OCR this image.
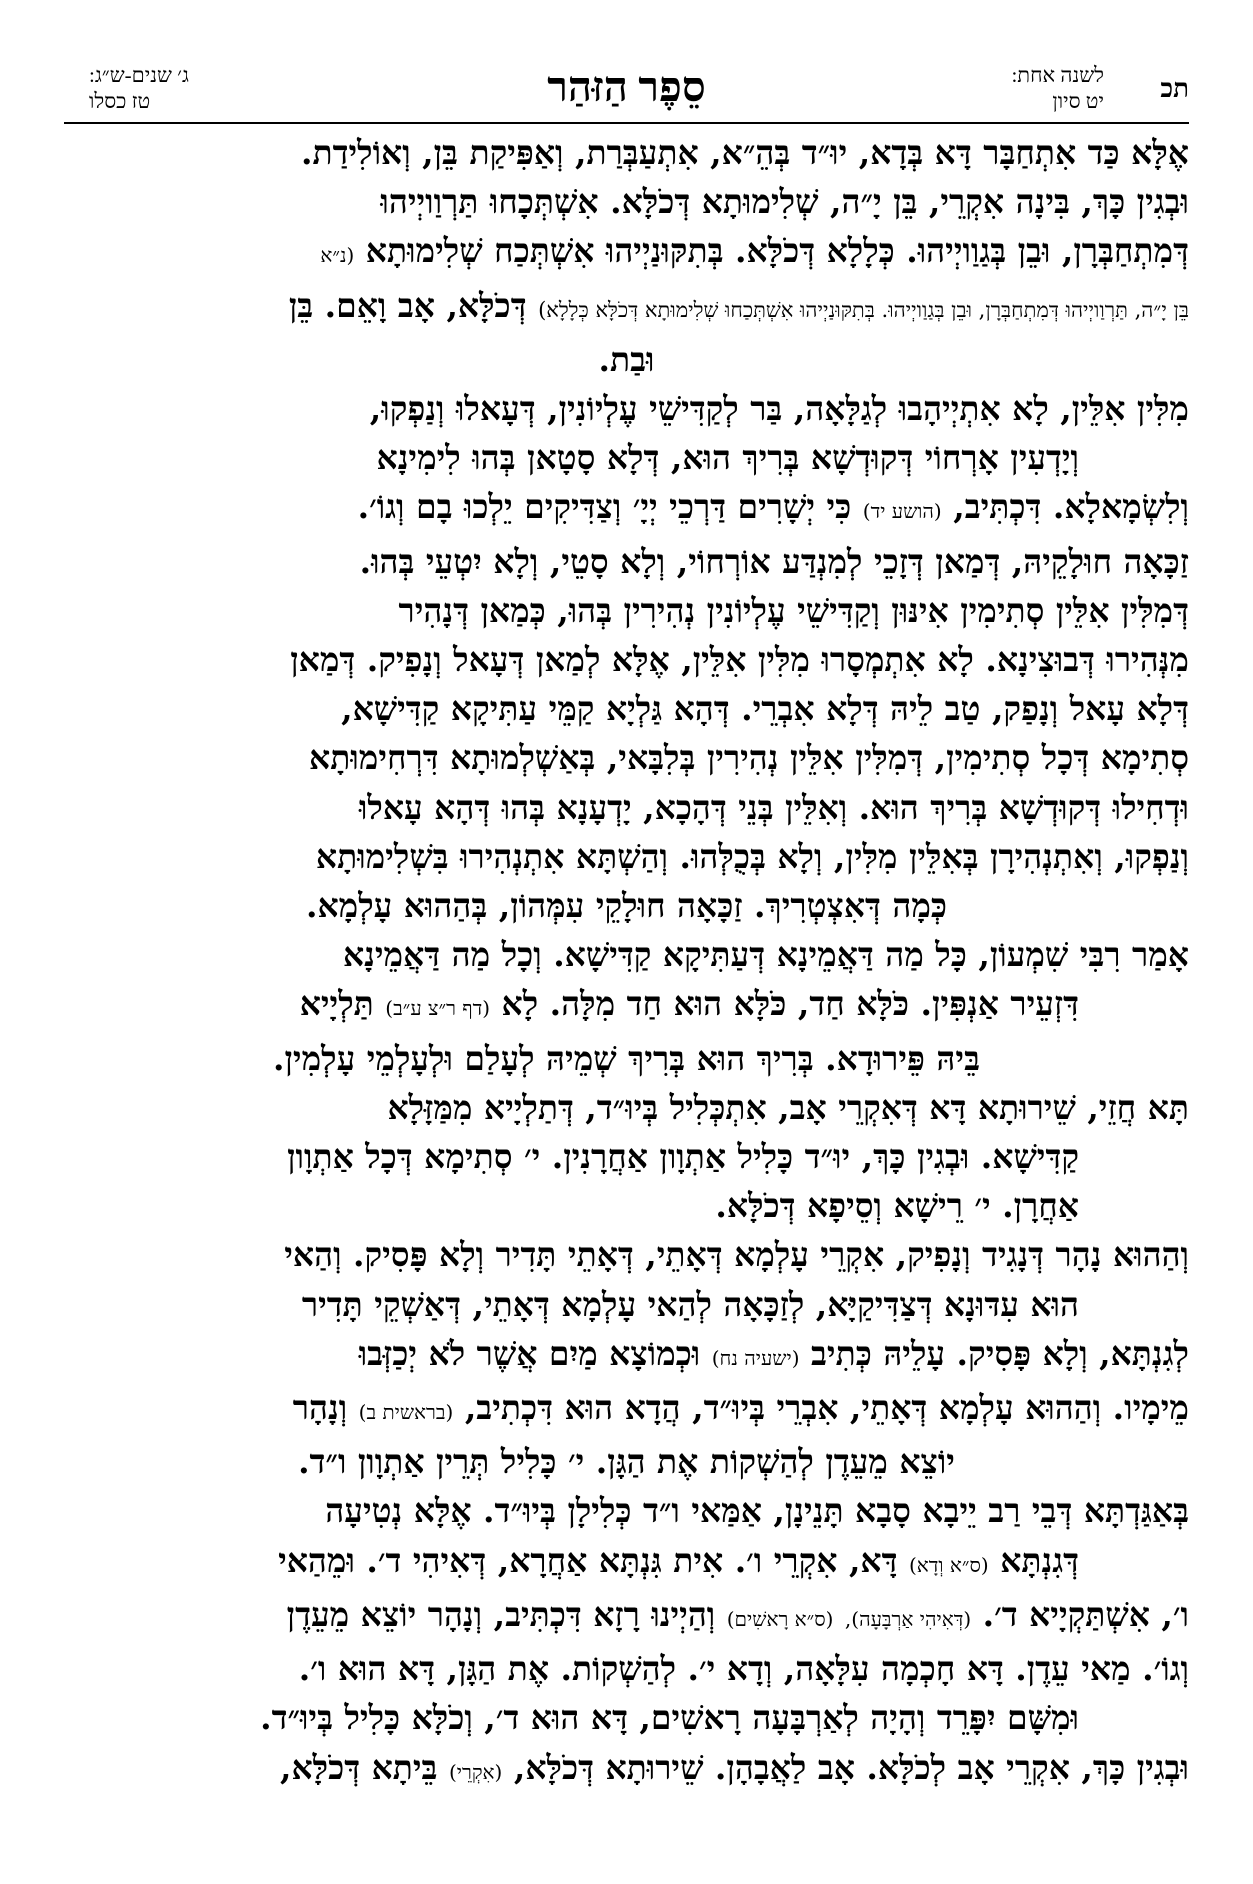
תכ
לשנה אחת:
יט סיון
סֵפֶר הַזּהַר
ג׳ שנים-ש״ג:
טז כסלו

אֶלָּא כַּד אִתְחַבָּר דָּא בְּדָא, יוּ״ד בְּהֵ״א, אִתְעַבְּרַת, וְאַפִּיקַת בֵּן, וְאוֹלִידַת.

וּבְגִין כָּךְ, בִּינָה אִקְרֵי, בֵּן יָ״ה, שְׁלִימוּתָא דְּכֹלָּא. אִשְׁתְּכָחוּ תַּרְוַויְיהוּ

דְּמִתְחַבְּרָן, וּבֵן בְּגַוַויְיהוּ. כְּלָלָא דְּכֹלָּא. בְּתִקּוּנַיְיהוּ אִשְׁתְּכַח שְׁלִימוּתָא (נ״א

בֵּן יָ״ה, תַּרְוַויְיהוּ דְּמִתְחַבְּרָן, וּבֵן בְּגַוַויְיהוּ. בְּתִקּוּנַיְיהוּ אִשְׁתְּכַחוּ שְׁלִימוּתָא דְּכֹלָּא כְּלָלָא) דְּכֹלָּא, אָב וָאֵם. בֵּן

וּבַת.

מִלִּין אִלֵּין, לָא אִתְיְיהָבוּ לְגַלָּאָה, בַּר לְקַדִּישֵׁי עֶלְיוֹנִין, דְּעָאלוּ וְנַפְקוּ,

וְיָדְעִין אָרְחוֹי דְּקוּדְשָׁא בְּרִיךְ הוּא, דְּלָא סָטָאן בְּהוּ לִימִינָא

וְלִשְׂמָאלָא. דִּכְתִּיב, (הושע יד) כִּי יְשָׁרִים דַּרְכֵי יְיָ׳ וְצַדִּיקִים יֵלְכוּ בָם וְגוֹ׳.

זַכָּאָה חוּלָקֵיהּ, דְּמַאן דְּזָכֵי לְמִנְדַּע אוֹרְחוֹי, וְלָא סָטֵי, וְלָא יִטְעֵי בְּהוּ.

דְּמִלִּין אִלֵּין סְתִימִין אִינּוּן וְקַדִּישֵׁי עֶלְיוֹנִין נְהִירִין בְּהוּ, כְּמַאן דְּנָהִיר

מִנְּהִירוּ דְּבוּצִינָא. לָא אִתְמְסָרוּ מִלִּין אִלֵּין, אֶלָּא לְמַאן דְּעָאל וְנָפִיק. דְּמַאן

דְּלָא עָאל וְנָפַק, טַב לֵיהּ דְּלָא אִבְרֵי. דְּהָא גַּלְיָא קַמֵּי עַתִּיקָא קַדִּישָׁא,

סְתִימָא דְּכָל סְתִימִין, דְּמִלִּין אִלֵּין נְהִירִין בְּלִבָּאי, בְּאַשְׁלְמוּתָא דִּרְחִימוּתָא

וּדְחִילוּ דְּקוּדְשָׁא בְּרִיךְ הוּא. וְאִלֵּין בְּנֵי דְּהָכָא, יָדְעָנָא בְּהוּ דְּהָא עָאלוּ

וְנַפְקוּ, וְאִתְנְהִירָן בְּאִלֵּין מִלִּין, וְלָא בְּכֻלְּהוּ. וְהַשְׁתָּא אִתְנְהִירוּ בִּשְׁלִימוּתָא

כְּמָה דְּאִצְטְרִיךְ. זַכָּאָה חוּלָקֵי עִמְּהוֹן, בְּהַהוּא עָלְמָא.

אָמַר רִבִּי שִׁמְעוֹן, כָּל מַה דַּאֲמֵינָא דְּעַתִּיקָא קַדִּישָׁא. וְכָל מַה דַּאֲמֵינָא

דִּזְעֵיר אַנְפִּין. כֹּלָּא חַד, כֹּלָּא הוּא חַד מִלָּה. לָא (דף ר״צ ע״ב) תַּלְיָיא

בֵּיהּ פֵּירוּדָא. בְּרִיךְ הוּא בְּרִיךְ שְׁמֵיהּ לְעָלַם וּלְעָלְמֵי עָלְמִין.

תָּא חֲזֵי, שֵׁירוּתָא דָּא דְּאִקְרֵי אָב, אִתְכְּלִיל בְּיוּ״ד, דְּתַלְיָיא מִמַּזָּלָא

קַדִּישָׁא. וּבְגִין כָּךְ, יוּ״ד כָּלִיל אַתְוָון אַחֲרָנִין. י׳ סְתִימָא דְּכָל אַתְוָון

אַחֲרָן. י׳ רֵישָׁא וְסֵיפָא דְּכֹלָּא.

וְהַהוּא נָהָר דְּנָגִיד וְנָפִיק, אִקְרֵי עָלְמָא דְּאָתֵי, דְּאָתֵי תָּדִיר וְלָא פָּסִיק. וְהַאי

הוּא עִדּוּנָא דְּצַדִּיקַיָּא, לְזַכָּאָה לְהַאי עָלְמָא דְּאָתֵי, דְּאַשְׁקֵי תָּדִיר

לְגִנְתָּא, וְלָא פָּסִיק. עָלֵיהּ כְּתִיב (ישעיה נח) וּכְמוֹצָא מַיִם אֲשֶׁר לֹא יְכַזְּבוּ

מֵימָיו. וְהַהוּא עָלְמָא דְּאָתֵי, אִבְרֵי בְּיוּ״ד, הֲדָא הוּא דִּכְתִיב, (בראשית ב) וְנָהָר

יוֹצֵא מֵעֵדֶן לְהַשְׁקוֹת אֶת הַגָּן. י׳ כָּלִיל תְּרֵין אַתְוָון ו״ד.

בְּאַגַּדְתָּא דְּבֵי רַב יֵיבָא סָבָא תָּנֵינָן, אַמַּאי ו״ד כְּלִילָן בְּיוּ״ד. אֶלָּא נְטִיעָה

דְּגִנְתָּא (ס״א וְדָא) דָּא, אִקְרֵי ו׳. אִית גִּנְתָּא אַחֲרָא, דְּאִיהִי ד׳. וּמֵהַאי

ו׳, אִשְׁתַּקְיָיא ד׳. (דְּאִיהִי אַרְבָּעָה), (ס״א רָאשִׁים) וְהַיְינוּ רָזָא דִּכְתִּיב, וְנָהָר יוֹצֵא מֵעֵדֶן

וְגוֹ׳. מַאי עֵדֶן. דָּא חָכְמָה עִלָּאָה, וְדָא י׳. לְהַשְׁקוֹת. אֶת הַגָּן, דָּא הוּא ו׳.

וּמִשָּׁם יִפָּרֵד וְהָיָה לְאַרְבָּעָה רָאשִׁים, דָּא הוּא ד׳, וְכֹלָּא כָּלִיל בְּיוּ״ד.

וּבְגִין כָּךְ, אִקְרֵי אָב לְכֹלָּא. אָב לַאֲבָהָן. שֵׁירוּתָא דְּכֹלָּא, (אִקְרֵי) בֵּיתָא דְּכֹלָּא,
